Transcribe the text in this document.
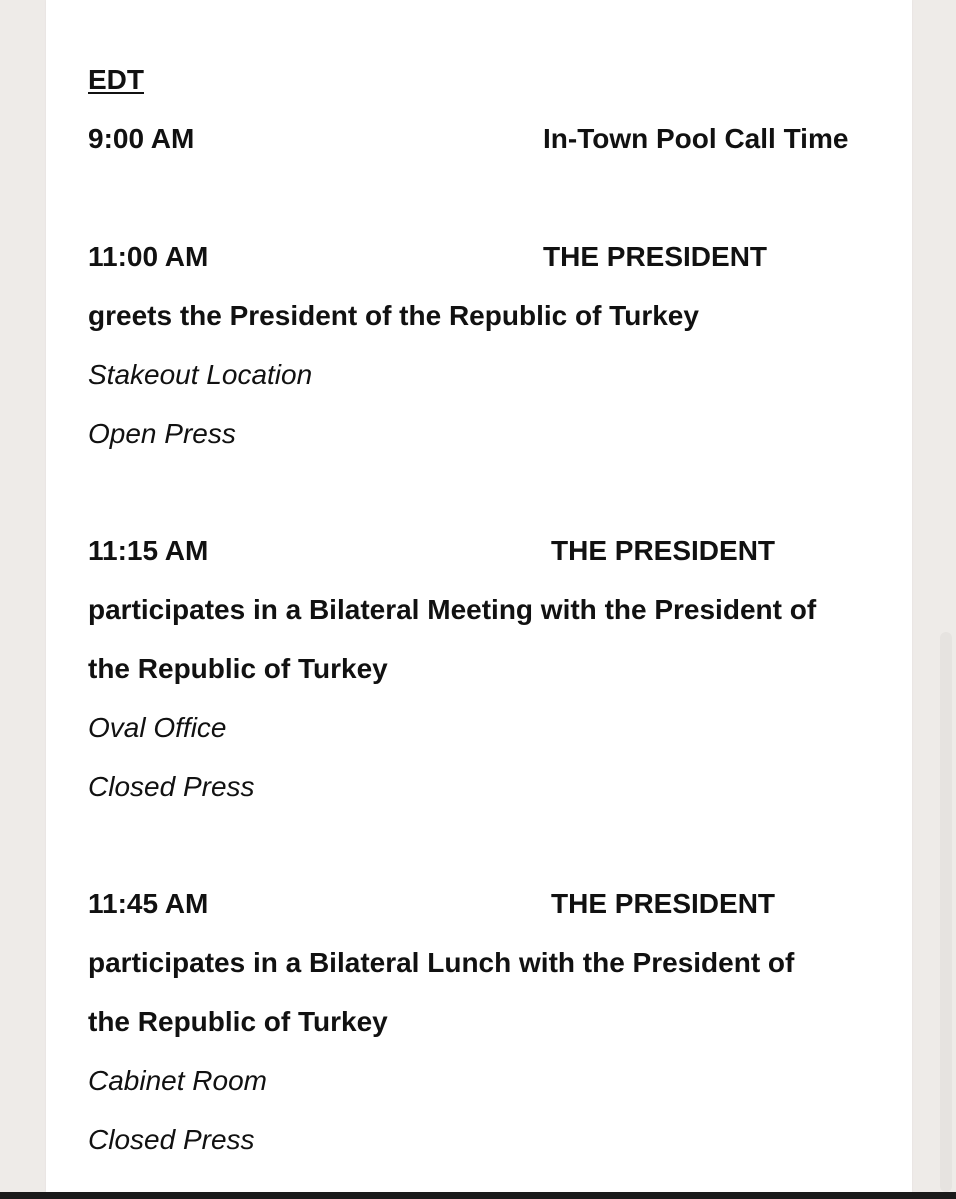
EDT
9:00 AM	In-Town Pool Call Time
11:00 AM	THE PRESIDENT
greets the President of the Republic of Turkey
Stakeout Location
Open Press
11:15 AM	THE PRESIDENT
participates in a Bilateral Meeting with the President of
the Republic of Turkey
Oval Office
Closed Press
11:45 AM	THE PRESIDENT
participates in a Bilateral Lunch with the President of
the Republic of Turkey
Cabinet Room
Closed Press
